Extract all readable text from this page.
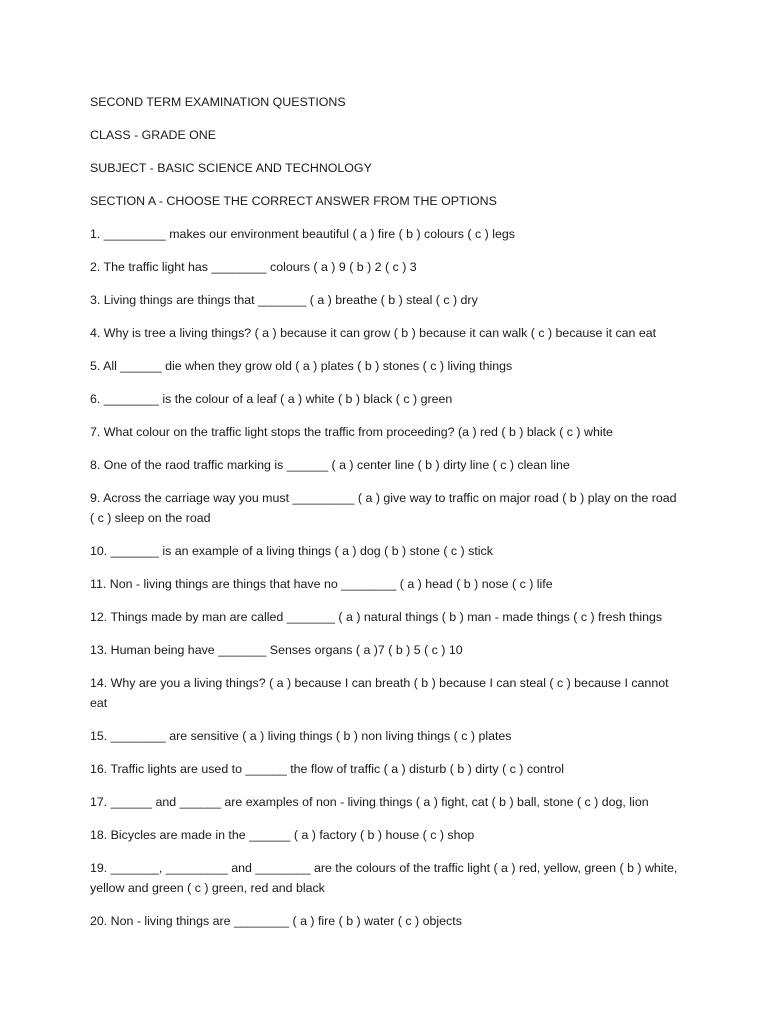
SECOND TERM EXAMINATION QUESTIONS

CLASS - GRADE ONE

SUBJECT - BASIC SCIENCE AND TECHNOLOGY

SECTION A - CHOOSE THE CORRECT ANSWER FROM THE OPTIONS

1. _________ makes our environment beautiful ( a ) fire ( b ) colours ( c ) legs

2. The traffic light has ________ colours ( a ) 9 ( b ) 2 ( c ) 3

3. Living things are things that _______ ( a ) breathe ( b ) steal ( c ) dry

4. Why is tree a living things? ( a ) because it can grow ( b ) because it can walk ( c ) because it can eat

5. All ______ die when they grow old ( a ) plates ( b ) stones ( c ) living things

6. ________ is the colour of a leaf ( a ) white ( b ) black ( c ) green

7. What colour on the traffic light stops the traffic from proceeding? (a ) red ( b ) black ( c ) white

8. One of the raod traffic marking is ______ ( a ) center line ( b ) dirty line ( c ) clean line

9. Across the carriage way you must _________ ( a ) give way to traffic on major road ( b ) play on the road ( c ) sleep on the road

10. _______ is an example of a living things ( a ) dog ( b ) stone ( c ) stick

11. Non - living things are things that have no ________ ( a ) head ( b ) nose ( c ) life

12. Things made by man are called _______ ( a ) natural things ( b ) man - made things ( c ) fresh things

13. Human being have _______ Senses organs ( a )7 ( b ) 5 ( c ) 10

14. Why are you a living things? ( a ) because I can breath ( b ) because I can steal ( c ) because I cannot eat

15. ________ are sensitive ( a ) living things ( b ) non living things ( c ) plates

16. Traffic lights are used to ______ the flow of traffic ( a ) disturb ( b ) dirty ( c ) control

17. ______ and ______ are examples of non - living things ( a ) fight, cat ( b ) ball, stone ( c ) dog, lion

18. Bicycles are made in the ______ ( a ) factory ( b ) house ( c ) shop

19. _______, _________ and ________ are the colours of the traffic light ( a ) red, yellow, green ( b ) white, yellow and green ( c ) green, red and black

20. Non - living things are ________ ( a ) fire ( b ) water ( c ) objects
